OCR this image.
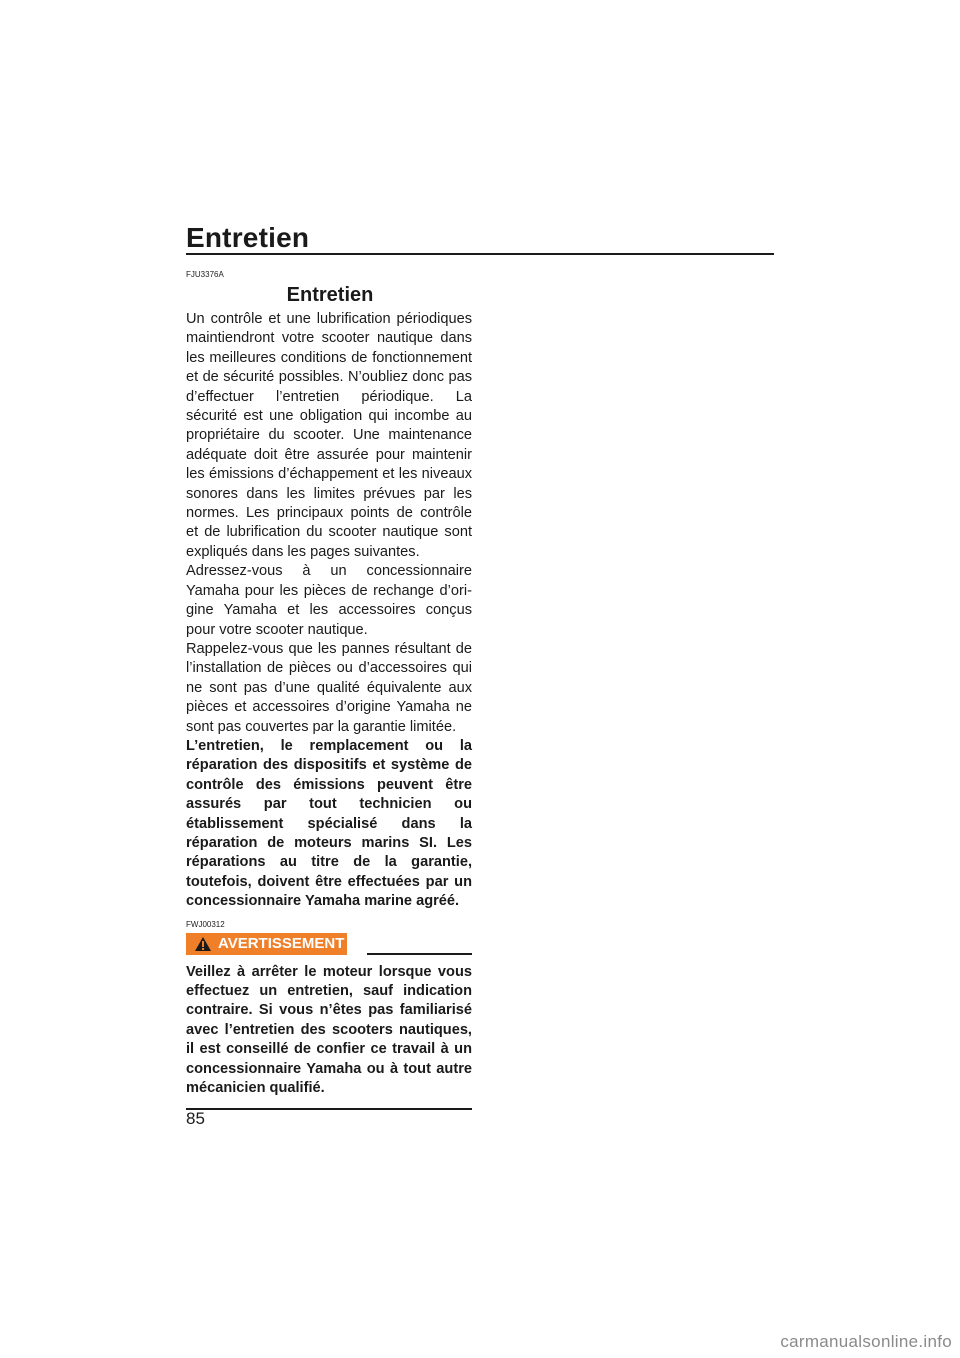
Entretien
FJU3376A
Entretien

Un contrôle et une lubrification périodiques maintiendront votre scooter nautique dans les meilleures conditions de fonctionnement et de sécurité possibles. N’oubliez donc pas d’effectuer l’entretien périodique. La sécurité est une obligation qui incombe au propriétaire du scooter. Une maintenance adéquate doit être assurée pour maintenir les émissions d’échappement et les niveaux sonores dans les limites prévues par les normes. Les principaux points de contrôle et de lubrification du scooter nautique sont expliqués dans les pages suivantes.

Adressez-vous à un concessionnaire Yamaha pour les pièces de rechange d’origine Yamaha et les accessoires conçus pour votre scooter nautique.

Rappelez-vous que les pannes résultant de l’installation de pièces ou d’accessoires qui ne sont pas d’une qualité équivalente aux pièces et accessoires d’origine Yamaha ne sont pas couvertes par la garantie limitée.

L’entretien, le remplacement ou la réparation des dispositifs et système de contrôle des émissions peuvent être assurés par tout technicien ou établissement spécialisé dans la réparation de moteurs marins SI. Les réparations au titre de la garantie, toutefois, doivent être effectuées par un concessionnaire Yamaha marine agréé.

FWJ00312
AVERTISSEMENT

Veillez à arrêter le moteur lorsque vous effectuez un entretien, sauf indication contraire. Si vous n’êtes pas familiarisé avec l’entretien des scooters nautiques, il est conseillé de confier ce travail à un concessionnaire Yamaha ou à tout autre mécanicien qualifié.

85
carmanualsonline.info
